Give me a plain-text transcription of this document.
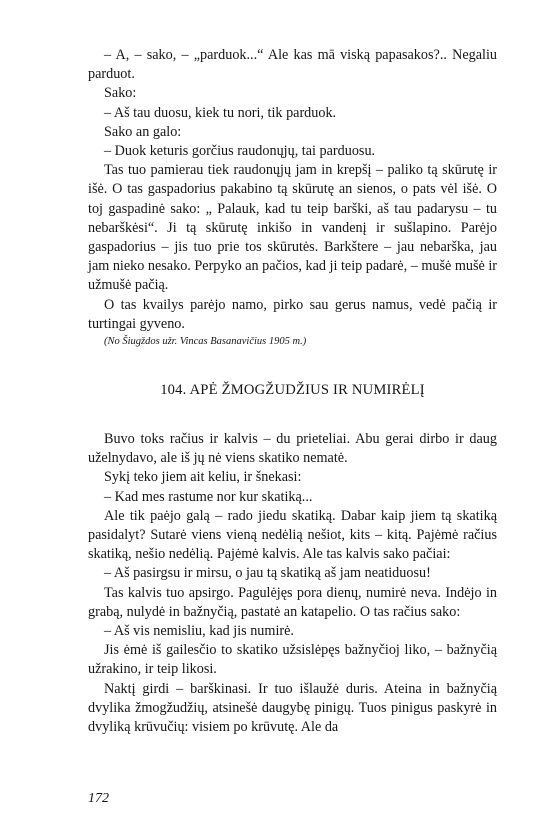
– A, – sako, – „parduok...“ Ale kas mā viską papasakos?.. Negaliu parduot.

Sako:

– Aš tau duosu, kiek tu nori, tik parduok.

Sako an galo:

– Duok keturis gorčius raudonųjų, tai parduosu.

Tas tuo pamierau tiek raudonųjų jam in krepšį – paliko tą skūrutę ir išė. O tas gaspadorius pakabino tą skūrutę an sienos, o pats vėl išė. O toj gaspadinė sako: „ Palauk, kad tu teip barški, aš tau padarysu – tu nebarškėsi“. Ji tą skūrutę inkišo in vandenį ir sušlapino. Parėjo gaspadorius – jis tuo prie tos skūrutės. Barkštere – jau nebarška, jau jam nieko nesako. Perpyko an pačios, kad ji teip padarė, – mušė mušė ir užmušė pačią.

O tas kvailys parėjo namo, pirko sau gerus namus, vedė pačią ir turtingai gyveno.

(No Šiugždos užr. Vincas Basanavičius 1905 m.)

104. APĖ ŽMOGŽUDŽIUS IR NUMIRĖLĮ

Buvo toks račius ir kalvis – du prieteliai. Abu gerai dirbo ir daug uželnydavo, ale iš jų nė viens skatiko nematė.

Sykį teko jiem ait keliu, ir šnekasi:

– Kad mes rastume nor kur skatiką...

Ale tik paėjo galą – rado jiedu skatiką. Dabar kaip jiem tą skatiką pasidalyt? Sutarė viens vieną nedėlią nešiot, kits – kitą. Pajėmė račius skatiką, nešio nedėlią. Pajėmė kalvis. Ale tas kalvis sako pačiai:

– Aš pasirgsu ir mirsu, o jau tą skatiką aš jam neatiduosu!

Tas kalvis tuo apsirgo. Pagulėjęs pora dienų, numirė neva. Indėjo in grabą, nulydė in bažnyčią, pastatė an katapelio. O tas račius sako:

– Aš vis nemisliu, kad jis numirė.

Jis ėmė iš gailesčio to skatiko užsislėpęs bažnyčioj liko, – bažnyčią užrakino, ir teip likosi.

Naktį girdi – barškinasi. Ir tuo išlaužė duris. Ateina in bažnyčią dvylika žmogžudžių, atsinešė daugybę pinigų. Tuos pinigus paskyrė in dvyliką krūvučių: visiem po krūvutę. Ale da

172
